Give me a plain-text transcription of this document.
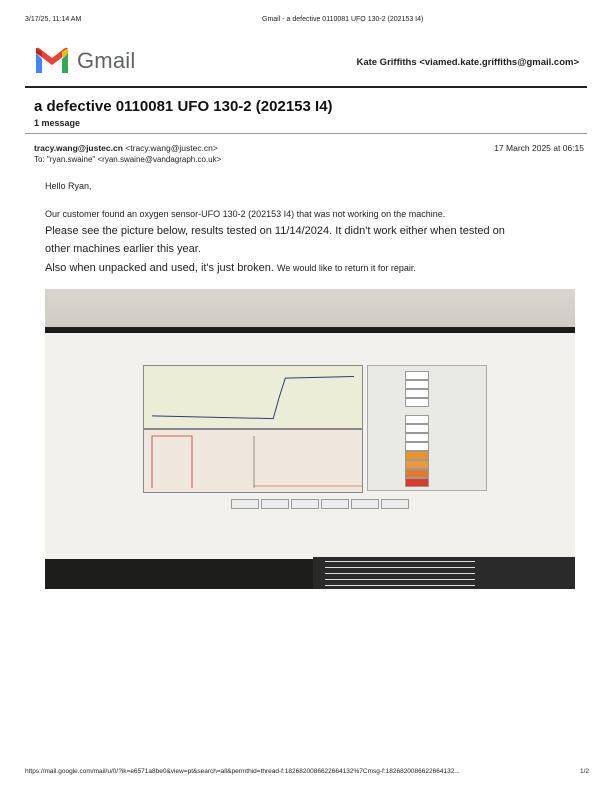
3/17/25, 11:14 AM	Gmail - a defective 0110081 UFO 130-2 (202153 I4)
Gmail	Kate Griffiths <viamed.kate.griffiths@gmail.com>
a defective 0110081 UFO 130-2 (202153 I4)
1 message
tracy.wang@justec.cn <tracy.wang@justec.cn>	17 March 2025 at 06:15
To: "ryan.swaine" <ryan.swaine@vandagraph.co.uk>
Hello Ryan,
Our customer found an oxygen sensor-UFO 130-2 (202153 I4) that was not working on the machine.
Please see the picture below, results tested on 11/14/2024. It didn't work either when tested on
other machines earlier this year.
Also when unpacked and used, it's just broken. We would like to return it for repair.
https://mail.google.com/mail/u/0/?ik=e6571a8be0&view=pt&search=all&permthid=thread-f:1826820086622664132%7Cmsg-f:1826820086622664132...	1/2
